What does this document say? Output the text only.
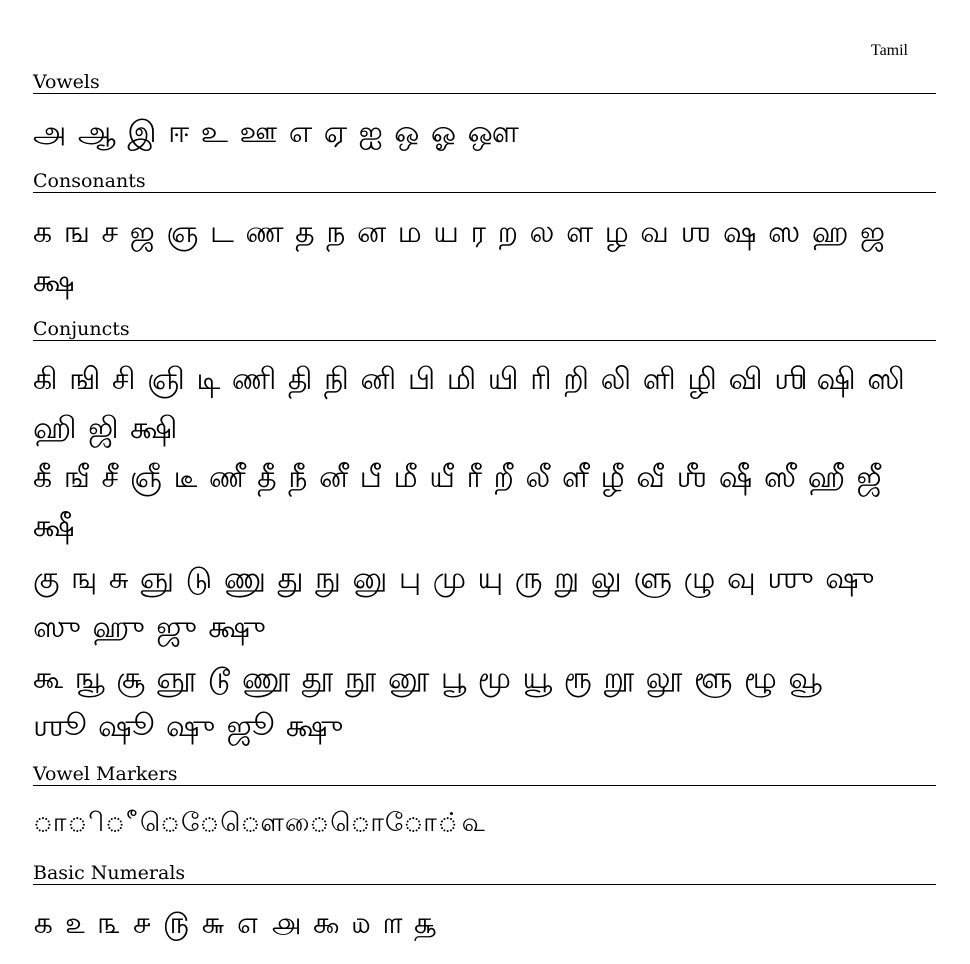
Tamil
Vowels
அ ஆ இ ஈ உ ஊ எ ஏ ஐ ஒ ஓ ஔ
Consonants
க ங ச ஜ ஞ ட ண த ந ன ம ய ர ற ல ள ழ வ ஶ ஷ ஸ ஹ ஜ
க்ஷ
Conjuncts
கி ஙி சி ஞி டி ணி தி நி னி பி மி யி ரி றி லி ளி ழி வி ஶி ஷி ஸி
ஹி ஜி க்ஷி
கீ ஙீ சீ ஞீ டீ ணீ தீ நீ னீ பீ மீ யீ ரீ றீ லீ ளீ ழீ வீ ஶீ ஷீ ஸீ ஹீ ஜீ
க்ஷீ
கு ஙு சு ஞு டு ணு து நு னு பு மு யு ரு று லு ளு ழு வு ஶு ஷு
ஸு ஹு ஜு க்ஷு
கூ ஙூ சூ ஞூ டூ ணூ தூ நூ னூ பூ மூ யூ ரூ றூ லூ ளூ ழூ வூ
ஶூ ஷூ ஷு ஜூ க்ஷு
Vowel Markers
◌ா◌ி◌ீ◌ெ◌ே◌ௌ◌ை◌ொ◌ோ◌்௳
Basic Numerals
௧ ௨ ௩ ௪ ௫ ௬ ௭ ௮ ௯ ௰ ௱ ௲
